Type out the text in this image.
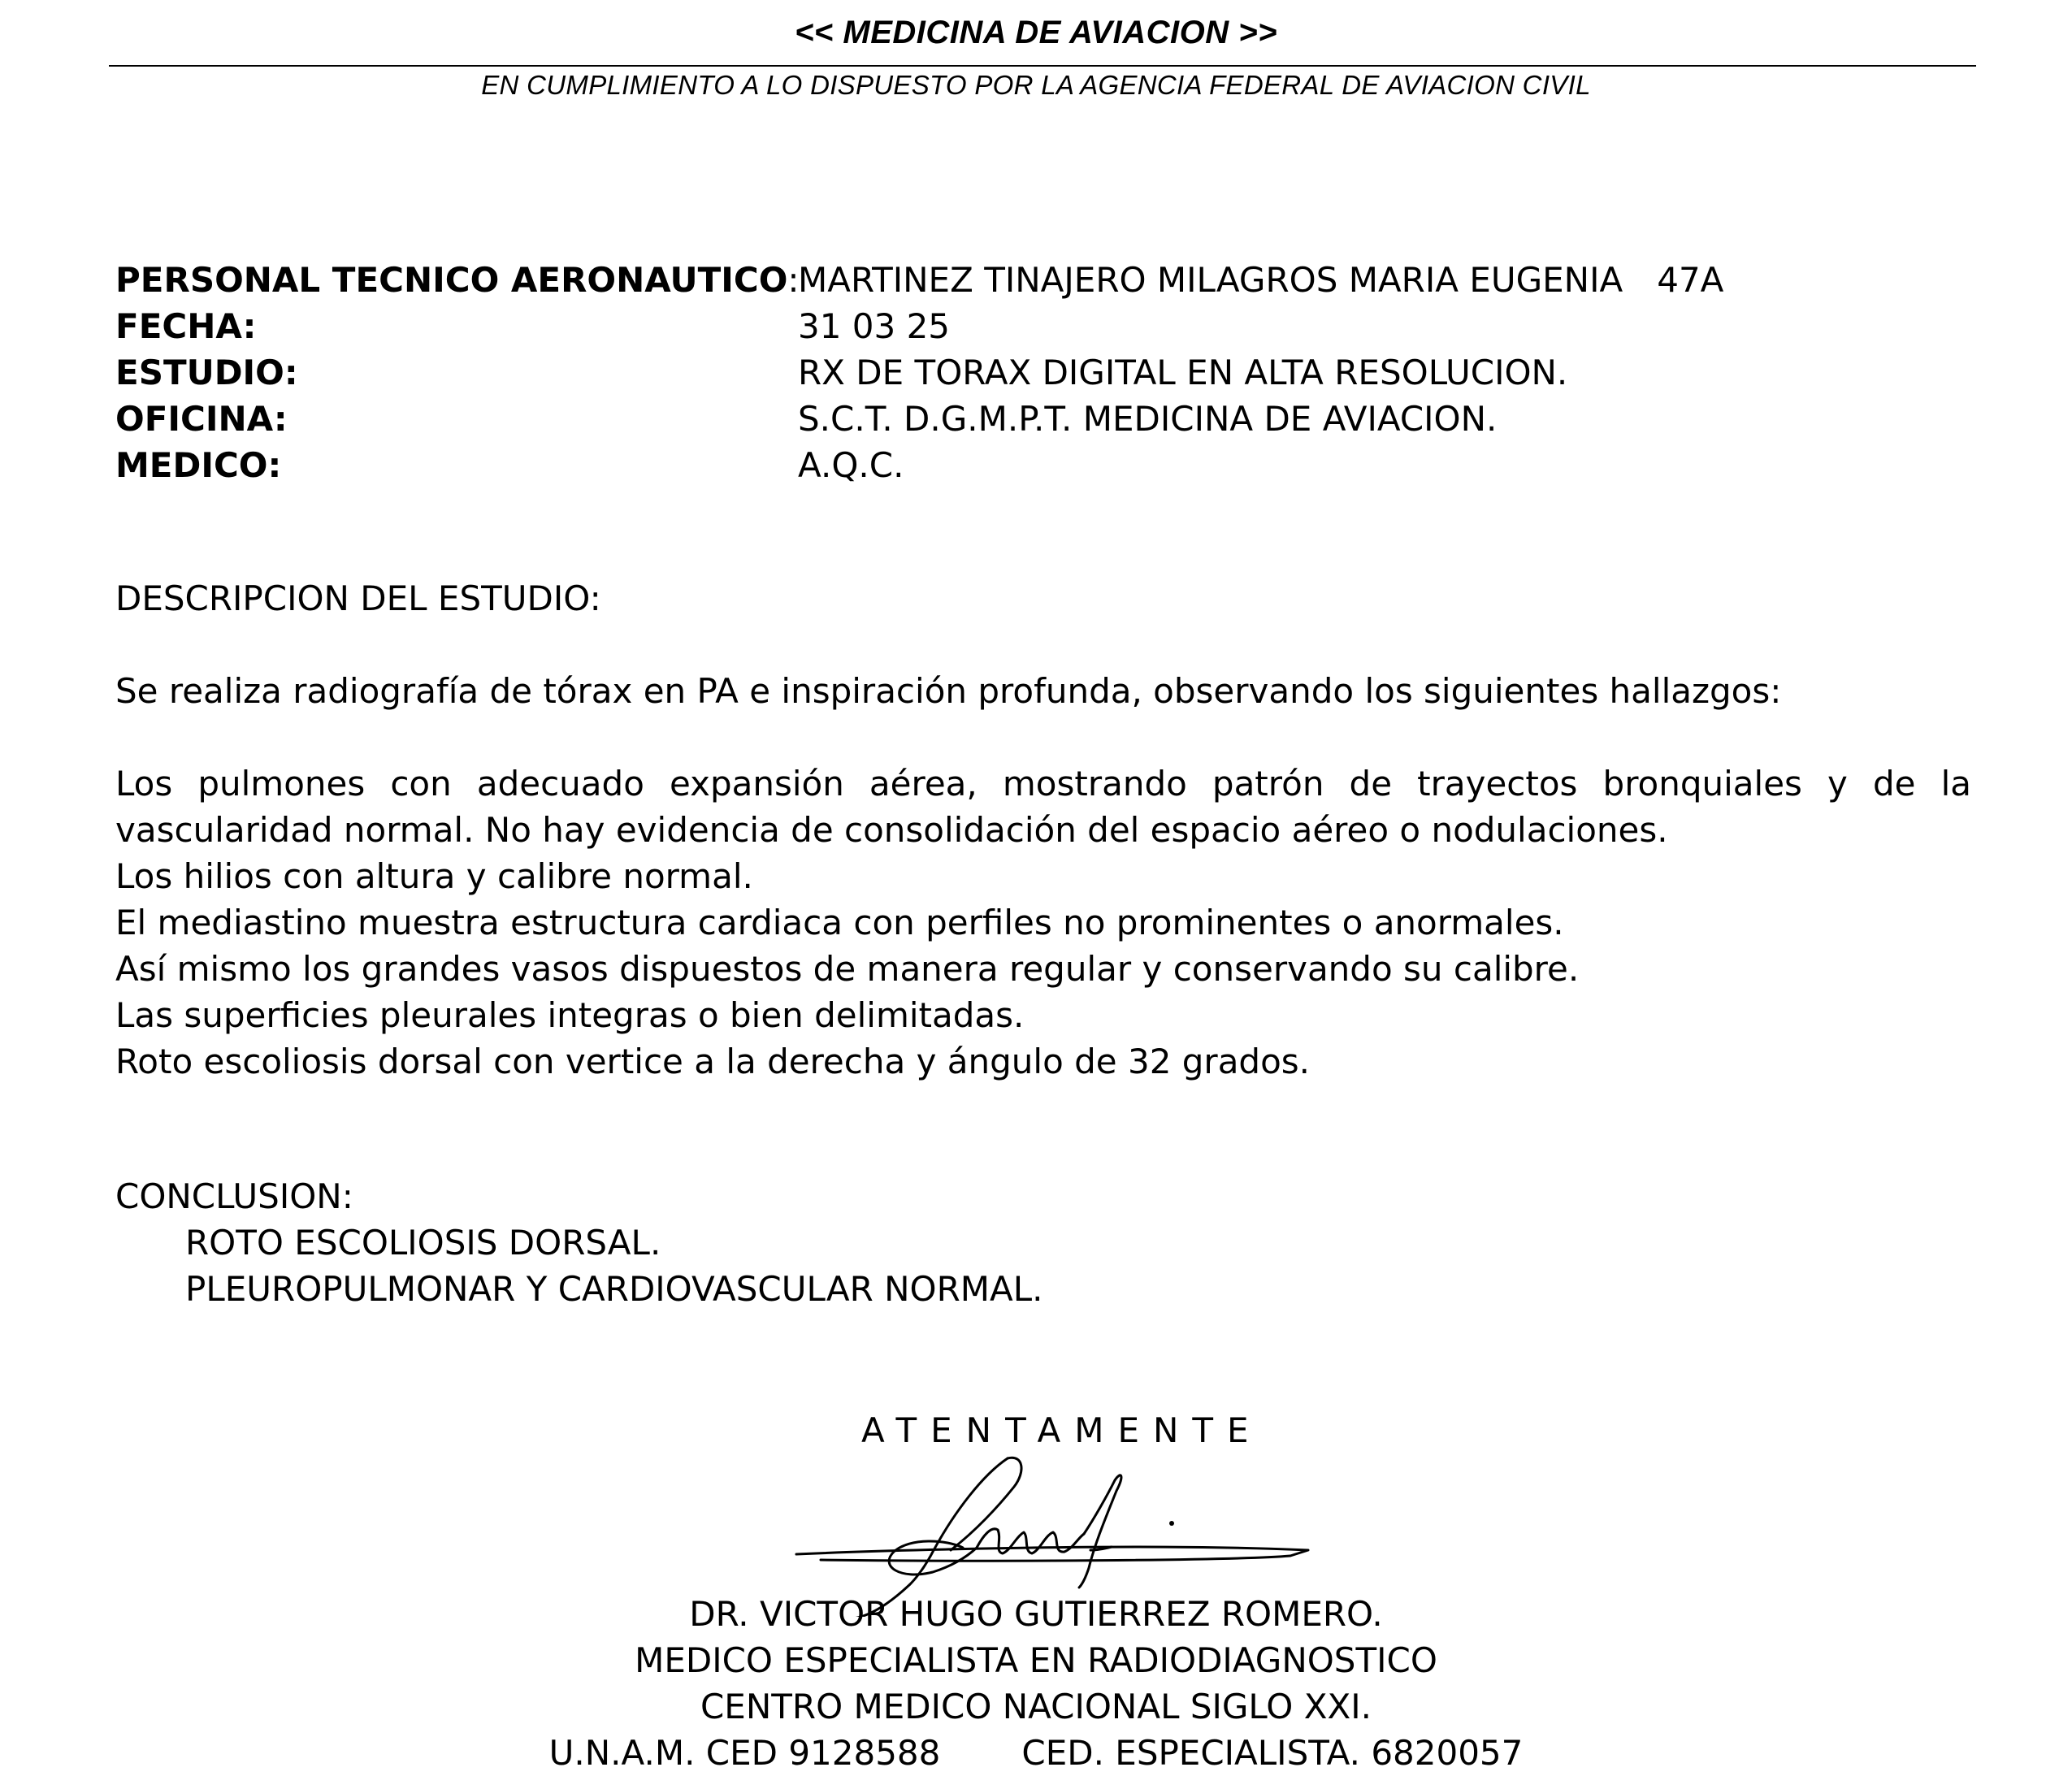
<< MEDICINA DE AVIACION >>
EN CUMPLIMIENTO A LO DISPUESTO POR LA AGENCIA FEDERAL DE AVIACION CIVIL
PERSONAL TECNICO AERONAUTICO:
MARTINEZ TINAJERO MILAGROS MARIA EUGENIA 47A
FECHA:	31 03 25
ESTUDIO:	RX DE TORAX DIGITAL EN ALTA RESOLUCION.
OFICINA:	S.C.T. D.G.M.P.T. MEDICINA DE AVIACION.
MEDICO:	A.Q.C.
DESCRIPCION DEL ESTUDIO:
Se realiza radiografía de tórax en PA e inspiración profunda, observando los siguientes hallazgos:

Los pulmones con adecuado expansión aérea, mostrando patrón de trayectos bronquiales y de la vascularidad normal. No hay evidencia de consolidación del espacio aéreo o nodulaciones.

Los hilios con altura y calibre normal.

El mediastino muestra estructura cardiaca con perfiles no prominentes o anormales.

Así mismo los grandes vasos dispuestos de manera regular y conservando su calibre.

Las superficies pleurales integras o bien delimitadas.

Roto escoliosis dorsal con vertice a la derecha y ángulo de 32 grados.

CONCLUSION:

ROTO ESCOLIOSIS DORSAL.

PLEUROPULMONAR Y CARDIOVASCULAR NORMAL.

ATENTAMENTE

DR. VICTOR HUGO GUTIERREZ ROMERO.

MEDICO ESPECIALISTA EN RADIODIAGNOSTICO

CENTRO MEDICO NACIONAL SIGLO XXI.

U.N.A.M. CED 9128588 CED. ESPECIALISTA. 6820057
